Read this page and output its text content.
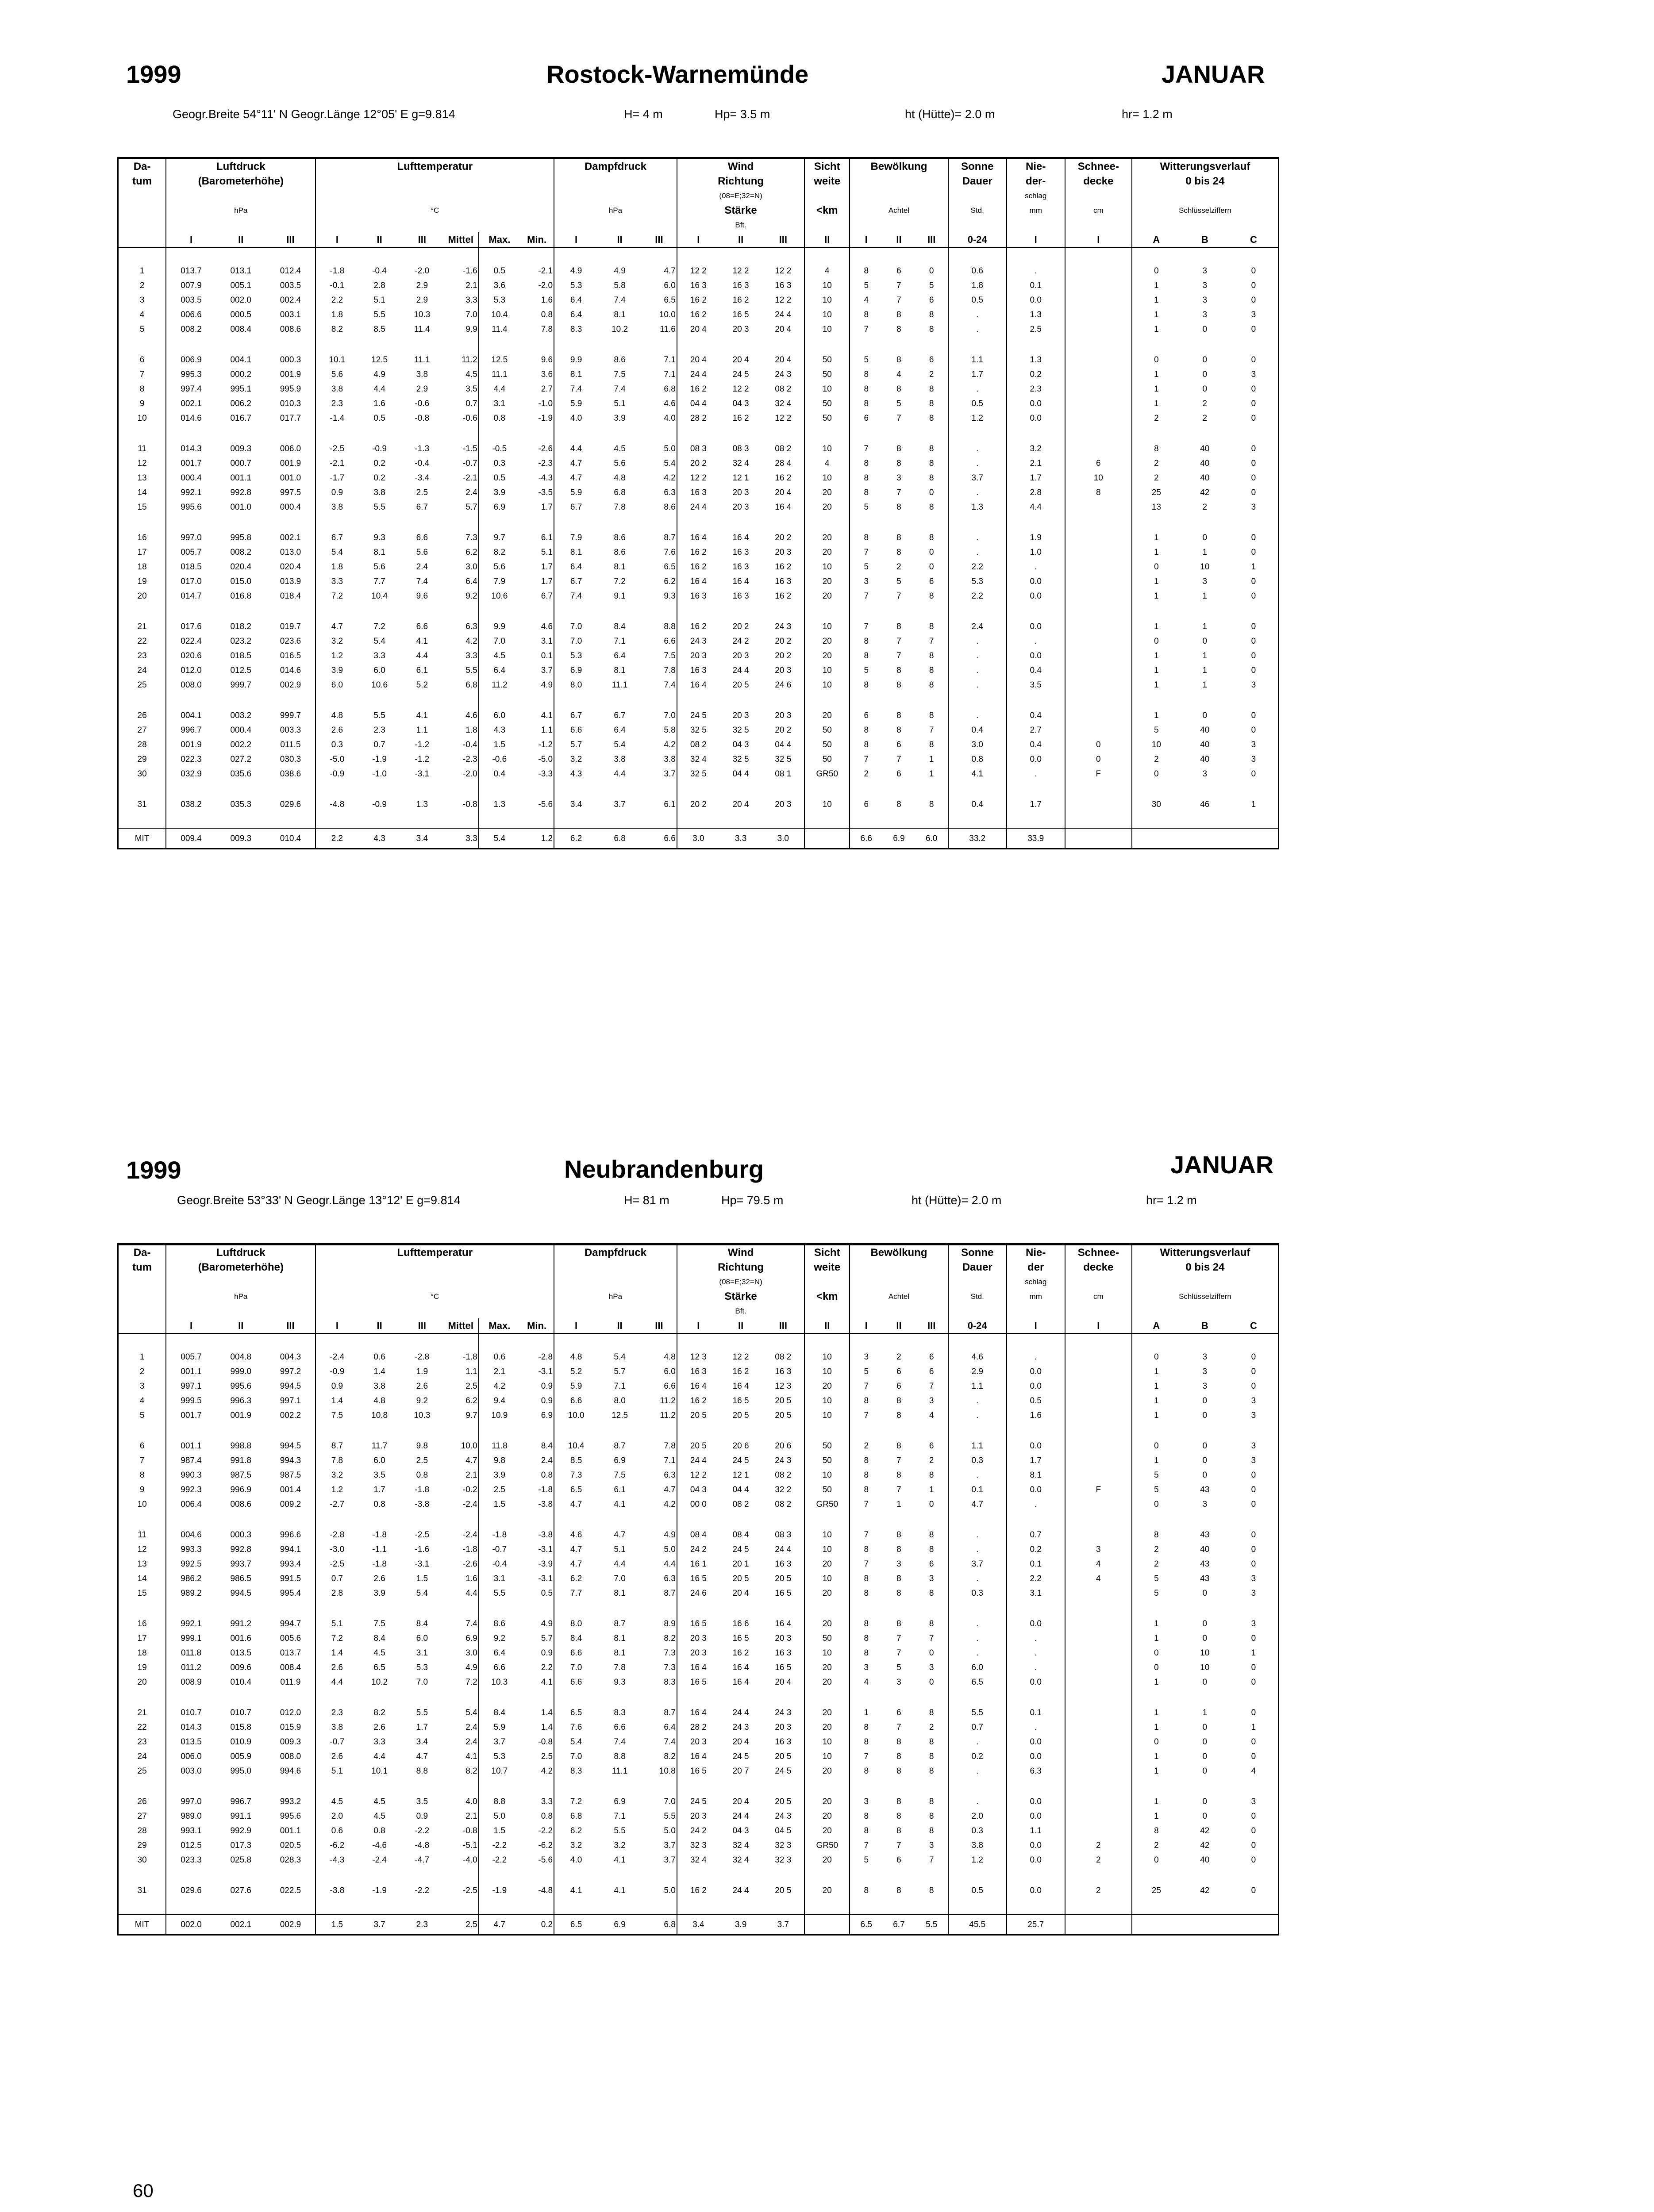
1999	Rostock-Warnemünde	JANUAR
Geogr.Breite 54°11' N Geogr.Länge 12°05' E g=9.814	H= 4 m	Hp= 3.5 m	ht (Hütte)= 2.0 m	hr= 1.2 m
Da-	Luftdruck			Lufttemperatur						Dampfdruck			Wind			Sicht	Bewölkung			Sonne	Nie-	Schnee-	Witterungsverlauf		
tum	(Barometerhöhe)												Richtung			weite				Dauer	der-	decke	0 bis 24		
													(08=E;32=N)								schlag				
	hPa			°C						hPa			Stärke			<km	Achtel			Std.	mm	cm	Schlüsselziffern		
													Bft.												
	I	II	III	I	II	III	Mittel	Max.	Min.	I	II	III	I	II	III	II	I	II	III	0-24	I	I	A	B	C

1	013.7	013.1	012.4	-1.8	-0.4	-2.0	-1.6	0.5	-2.1	4.9	4.9	4.7	12 2	12 2	12 2	4	8	6	0	0.6	.		0	3	0
2	007.9	005.1	003.5	-0.1	2.8	2.9	2.1	3.6	-2.0	5.3	5.8	6.0	16 3	16 3	16 3	10	5	7	5	1.8	0.1		1	3	0
3	003.5	002.0	002.4	2.2	5.1	2.9	3.3	5.3	1.6	6.4	7.4	6.5	16 2	16 2	12 2	10	4	7	6	0.5	0.0		1	3	0
4	006.6	000.5	003.1	1.8	5.5	10.3	7.0	10.4	0.8	6.4	8.1	10.0	16 2	16 5	24 4	10	8	8	8	.	1.3		1	3	3
5	008.2	008.4	008.6	8.2	8.5	11.4	9.9	11.4	7.8	8.3	10.2	11.6	20 4	20 3	20 4	10	7	8	8	.	2.5		1	0	0

6	006.9	004.1	000.3	10.1	12.5	11.1	11.2	12.5	9.6	9.9	8.6	7.1	20 4	20 4	20 4	50	5	8	6	1.1	1.3		0	0	0
7	995.3	000.2	001.9	5.6	4.9	3.8	4.5	11.1	3.6	8.1	7.5	7.1	24 4	24 5	24 3	50	8	4	2	1.7	0.2		1	0	3
8	997.4	995.1	995.9	3.8	4.4	2.9	3.5	4.4	2.7	7.4	7.4	6.8	16 2	12 2	08 2	10	8	8	8	.	2.3		1	0	0
9	002.1	006.2	010.3	2.3	1.6	-0.6	0.7	3.1	-1.0	5.9	5.1	4.6	04 4	04 3	32 4	50	8	5	8	0.5	0.0		1	2	0
10	014.6	016.7	017.7	-1.4	0.5	-0.8	-0.6	0.8	-1.9	4.0	3.9	4.0	28 2	16 2	12 2	50	6	7	8	1.2	0.0		2	2	0

11	014.3	009.3	006.0	-2.5	-0.9	-1.3	-1.5	-0.5	-2.6	4.4	4.5	5.0	08 3	08 3	08 2	10	7	8	8	.	3.2		8	40	0
12	001.7	000.7	001.9	-2.1	0.2	-0.4	-0.7	0.3	-2.3	4.7	5.6	5.4	20 2	32 4	28 4	4	8	8	8	.	2.1	6	2	40	0
13	000.4	001.1	001.0	-1.7	0.2	-3.4	-2.1	0.5	-4.3	4.7	4.8	4.2	12 2	12 1	16 2	10	8	3	8	3.7	1.7	10	2	40	0
14	992.1	992.8	997.5	0.9	3.8	2.5	2.4	3.9	-3.5	5.9	6.8	6.3	16 3	20 3	20 4	20	8	7	0	.	2.8	8	25	42	0
15	995.6	001.0	000.4	3.8	5.5	6.7	5.7	6.9	1.7	6.7	7.8	8.6	24 4	20 3	16 4	20	5	8	8	1.3	4.4		13	2	3

16	997.0	995.8	002.1	6.7	9.3	6.6	7.3	9.7	6.1	7.9	8.6	8.7	16 4	16 4	20 2	20	8	8	8	.	1.9		1	0	0
17	005.7	008.2	013.0	5.4	8.1	5.6	6.2	8.2	5.1	8.1	8.6	7.6	16 2	16 3	20 3	20	7	8	0	.	1.0		1	1	0
18	018.5	020.4	020.4	1.8	5.6	2.4	3.0	5.6	1.7	6.4	8.1	6.5	16 2	16 3	16 2	10	5	2	0	2.2	.		0	10	1
19	017.0	015.0	013.9	3.3	7.7	7.4	6.4	7.9	1.7	6.7	7.2	6.2	16 4	16 4	16 3	20	3	5	6	5.3	0.0		1	3	0
20	014.7	016.8	018.4	7.2	10.4	9.6	9.2	10.6	6.7	7.4	9.1	9.3	16 3	16 3	16 2	20	7	7	8	2.2	0.0		1	1	0

21	017.6	018.2	019.7	4.7	7.2	6.6	6.3	9.9	4.6	7.0	8.4	8.8	16 2	20 2	24 3	10	7	8	8	2.4	0.0		1	1	0
22	022.4	023.2	023.6	3.2	5.4	4.1	4.2	7.0	3.1	7.0	7.1	6.6	24 3	24 2	20 2	20	8	7	7	.	.		0	0	0
23	020.6	018.5	016.5	1.2	3.3	4.4	3.3	4.5	0.1	5.3	6.4	7.5	20 3	20 3	20 2	20	8	7	8	.	0.0		1	1	0
24	012.0	012.5	014.6	3.9	6.0	6.1	5.5	6.4	3.7	6.9	8.1	7.8	16 3	24 4	20 3	10	5	8	8	.	0.4		1	1	0
25	008.0	999.7	002.9	6.0	10.6	5.2	6.8	11.2	4.9	8.0	11.1	7.4	16 4	20 5	24 6	10	8	8	8	.	3.5		1	1	3

26	004.1	003.2	999.7	4.8	5.5	4.1	4.6	6.0	4.1	6.7	6.7	7.0	24 5	20 3	20 3	20	6	8	8	.	0.4		1	0	0
27	996.7	000.4	003.3	2.6	2.3	1.1	1.8	4.3	1.1	6.6	6.4	5.8	32 5	32 5	20 2	50	8	8	7	0.4	2.7		5	40	0
28	001.9	002.2	011.5	0.3	0.7	-1.2	-0.4	1.5	-1.2	5.7	5.4	4.2	08 2	04 3	04 4	50	8	6	8	3.0	0.4	0	10	40	3
29	022.3	027.2	030.3	-5.0	-1.9	-1.2	-2.3	-0.6	-5.0	3.2	3.8	3.8	32 4	32 5	32 5	50	7	7	1	0.8	0.0	0	2	40	3
30	032.9	035.6	038.6	-0.9	-1.0	-3.1	-2.0	0.4	-3.3	4.3	4.4	3.7	32 5	04 4	08 1	GR50	2	6	1	4.1	.	F	0	3	0

31	038.2	035.3	029.6	-4.8	-0.9	1.3	-0.8	1.3	-5.6	3.4	3.7	6.1	20 2	20 4	20 3	10	6	8	8	0.4	1.7		30	46	1

MIT	009.4	009.3	010.4	2.2	4.3	3.4	3.3	5.4	1.2	6.2	6.8	6.6	3.0	3.3	3.0		6.6	6.9	6.0	33.2	33.9				
1999	Neubrandenburg	JANUAR
Geogr.Breite 53°33' N Geogr.Länge 13°12' E g=9.814	H= 81 m	Hp= 79.5 m	ht (Hütte)= 2.0 m	hr= 1.2 m
Da-	Luftdruck			Lufttemperatur						Dampfdruck			Wind			Sicht	Bewölkung			Sonne	Nie-	Schnee-	Witterungsverlauf		
tum	(Barometerhöhe)												Richtung			weite				Dauer	der	decke	0 bis 24		
													(08=E;32=N)								schlag				
	hPa			°C						hPa			Stärke			<km	Achtel			Std.	mm	cm	Schlüsselziffern		
													Bft.												
	I	II	III	I	II	III	Mittel	Max.	Min.	I	II	III	I	II	III	II	I	II	III	0-24	I	I	A	B	C

1	005.7	004.8	004.3	-2.4	0.6	-2.8	-1.8	0.6	-2.8	4.8	5.4	4.8	12 3	12 2	08 2	10	3	2	6	4.6	.		0	3	0
2	001.1	999.0	997.2	-0.9	1.4	1.9	1.1	2.1	-3.1	5.2	5.7	6.0	16 3	16 2	16 3	10	5	6	6	2.9	0.0		1	3	0
3	997.1	995.6	994.5	0.9	3.8	2.6	2.5	4.2	0.9	5.9	7.1	6.6	16 4	16 4	12 3	20	7	6	7	1.1	0.0		1	3	0
4	999.5	996.3	997.1	1.4	4.8	9.2	6.2	9.4	0.9	6.6	8.0	11.2	16 2	16 5	20 5	10	8	8	3	.	0.5		1	0	3
5	001.7	001.9	002.2	7.5	10.8	10.3	9.7	10.9	6.9	10.0	12.5	11.2	20 5	20 5	20 5	10	7	8	4	.	1.6		1	0	3

6	001.1	998.8	994.5	8.7	11.7	9.8	10.0	11.8	8.4	10.4	8.7	7.8	20 5	20 6	20 6	50	2	8	6	1.1	0.0		0	0	3
7	987.4	991.8	994.3	7.8	6.0	2.5	4.7	9.8	2.4	8.5	6.9	7.1	24 4	24 5	24 3	50	8	7	2	0.3	1.7		1	0	3
8	990.3	987.5	987.5	3.2	3.5	0.8	2.1	3.9	0.8	7.3	7.5	6.3	12 2	12 1	08 2	10	8	8	8	.	8.1		5	0	0
9	992.3	996.9	001.4	1.2	1.7	-1.8	-0.2	2.5	-1.8	6.5	6.1	4.7	04 3	04 4	32 2	50	8	7	1	0.1	0.0	F	5	43	0
10	006.4	008.6	009.2	-2.7	0.8	-3.8	-2.4	1.5	-3.8	4.7	4.1	4.2	00 0	08 2	08 2	GR50	7	1	0	4.7	.		0	3	0

11	004.6	000.3	996.6	-2.8	-1.8	-2.5	-2.4	-1.8	-3.8	4.6	4.7	4.9	08 4	08 4	08 3	10	7	8	8	.	0.7		8	43	0
12	993.3	992.8	994.1	-3.0	-1.1	-1.6	-1.8	-0.7	-3.1	4.7	5.1	5.0	24 2	24 5	24 4	10	8	8	8	.	0.2	3	2	40	0
13	992.5	993.7	993.4	-2.5	-1.8	-3.1	-2.6	-0.4	-3.9	4.7	4.4	4.4	16 1	20 1	16 3	20	7	3	6	3.7	0.1	4	2	43	0
14	986.2	986.5	991.5	0.7	2.6	1.5	1.6	3.1	-3.1	6.2	7.0	6.3	16 5	20 5	20 5	10	8	8	3	.	2.2	4	5	43	3
15	989.2	994.5	995.4	2.8	3.9	5.4	4.4	5.5	0.5	7.7	8.1	8.7	24 6	20 4	16 5	20	8	8	8	0.3	3.1		5	0	3

16	992.1	991.2	994.7	5.1	7.5	8.4	7.4	8.6	4.9	8.0	8.7	8.9	16 5	16 6	16 4	20	8	8	8	.	0.0		1	0	3
17	999.1	001.6	005.6	7.2	8.4	6.0	6.9	9.2	5.7	8.4	8.1	8.2	20 3	16 5	20 3	50	8	7	7	.	.		1	0	0
18	011.8	013.5	013.7	1.4	4.5	3.1	3.0	6.4	0.9	6.6	8.1	7.3	20 3	16 2	16 3	10	8	7	0	.	.		0	10	1
19	011.2	009.6	008.4	2.6	6.5	5.3	4.9	6.6	2.2	7.0	7.8	7.3	16 4	16 4	16 5	20	3	5	3	6.0	.		0	10	0
20	008.9	010.4	011.9	4.4	10.2	7.0	7.2	10.3	4.1	6.6	9.3	8.3	16 5	16 4	20 4	20	4	3	0	6.5	0.0		1	0	0

21	010.7	010.7	012.0	2.3	8.2	5.5	5.4	8.4	1.4	6.5	8.3	8.7	16 4	24 4	24 3	20	1	6	8	5.5	0.1		1	1	0
22	014.3	015.8	015.9	3.8	2.6	1.7	2.4	5.9	1.4	7.6	6.6	6.4	28 2	24 3	20 3	20	8	7	2	0.7	.		1	0	1
23	013.5	010.9	009.3	-0.7	3.3	3.4	2.4	3.7	-0.8	5.4	7.4	7.4	20 3	20 4	16 3	10	8	8	8	.	0.0		0	0	0
24	006.0	005.9	008.0	2.6	4.4	4.7	4.1	5.3	2.5	7.0	8.8	8.2	16 4	24 5	20 5	10	7	8	8	0.2	0.0		1	0	0
25	003.0	995.0	994.6	5.1	10.1	8.8	8.2	10.7	4.2	8.3	11.1	10.8	16 5	20 7	24 5	20	8	8	8	.	6.3		1	0	4

26	997.0	996.7	993.2	4.5	4.5	3.5	4.0	8.8	3.3	7.2	6.9	7.0	24 5	20 4	20 5	20	3	8	8	.	0.0		1	0	3
27	989.0	991.1	995.6	2.0	4.5	0.9	2.1	5.0	0.8	6.8	7.1	5.5	20 3	24 4	24 3	20	8	8	8	2.0	0.0		1	0	0
28	993.1	992.9	001.1	0.6	0.8	-2.2	-0.8	1.5	-2.2	6.2	5.5	5.0	24 2	04 3	04 5	20	8	8	8	0.3	1.1		8	42	0
29	012.5	017.3	020.5	-6.2	-4.6	-4.8	-5.1	-2.2	-6.2	3.2	3.2	3.7	32 3	32 4	32 3	GR50	7	7	3	3.8	0.0	2	2	42	0
30	023.3	025.8	028.3	-4.3	-2.4	-4.7	-4.0	-2.2	-5.6	4.0	4.1	3.7	32 4	32 4	32 3	20	5	6	7	1.2	0.0	2	0	40	0

31	029.6	027.6	022.5	-3.8	-1.9	-2.2	-2.5	-1.9	-4.8	4.1	4.1	5.0	16 2	24 4	20 5	20	8	8	8	0.5	0.0	2	25	42	0

MIT	002.0	002.1	002.9	1.5	3.7	2.3	2.5	4.7	0.2	6.5	6.9	6.8	3.4	3.9	3.7		6.5	6.7	5.5	45.5	25.7				
60
